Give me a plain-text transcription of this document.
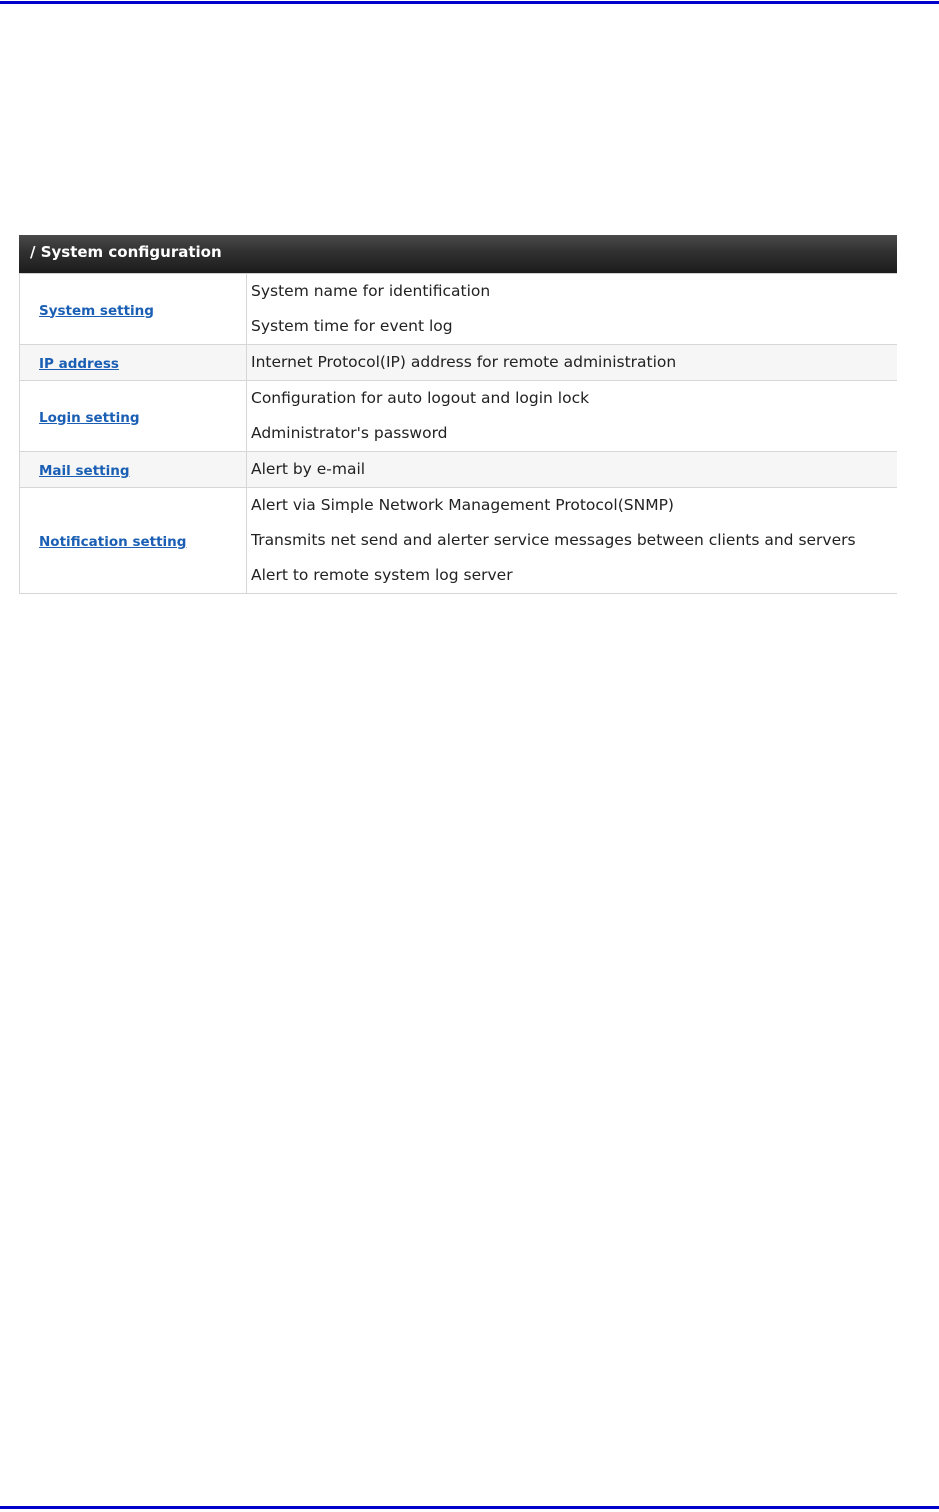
/ System configuration
System setting	System name for identification
System time for event log

IP address	Internet Protocol(IP) address for remote administration

Login setting	Configuration for auto logout and login lock
Administrator's password

Mail setting	Alert by e-mail

Notification setting	Alert via Simple Network Management Protocol(SNMP)
Transmits net send and alerter service messages between clients and servers
Alert to remote system log server
